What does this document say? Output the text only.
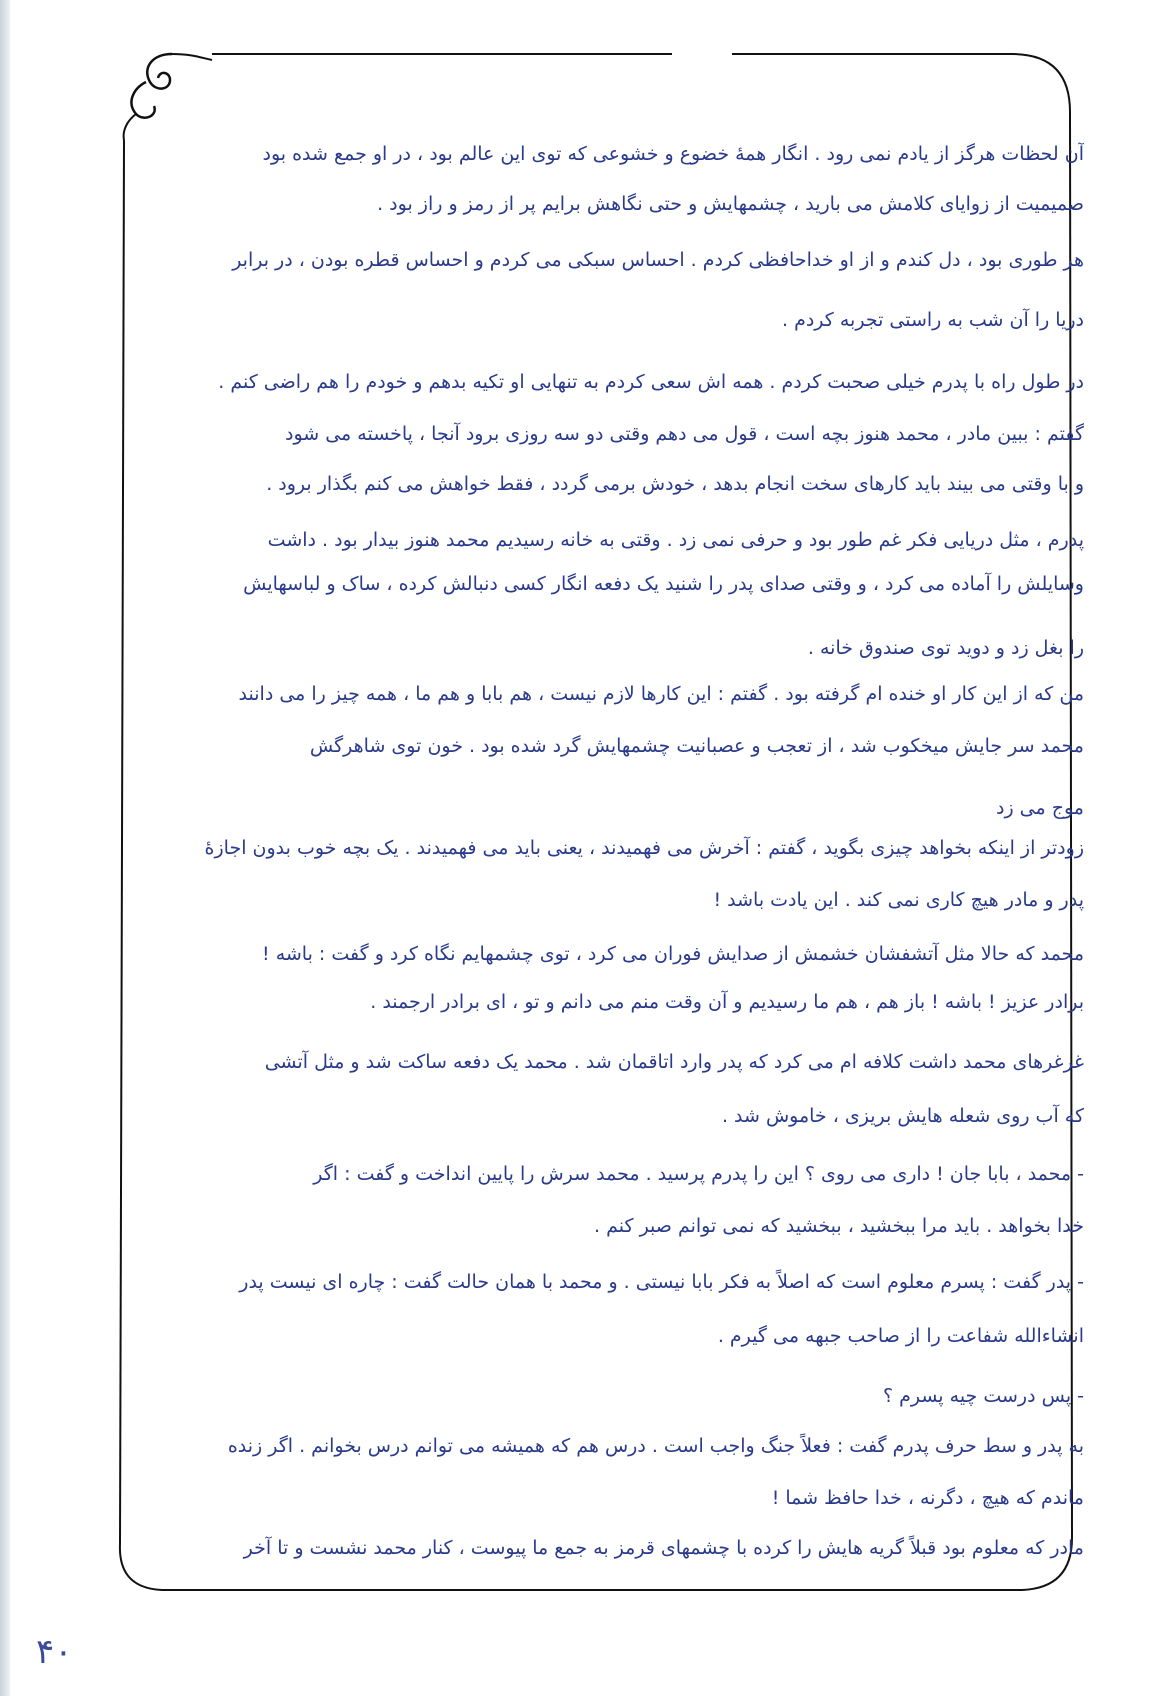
آن لحظات هرگز از یادم نمی رود . انگار همهٔ خضوع و خشوعی که توی این عالم بود ، در او جمع شده بود
صمیمیت از زوایای کلامش می بارید ، چشمهایش و حتی نگاهش برایم پر از رمز و راز بود .
هر طوری بود ، دل کندم و از او خداحافظی کردم . احساس سبکی می کردم و احساس قطره بودن ، در برابر
دریا را آن شب به راستی تجربه کردم .
در طول راه با پدرم خیلی صحبت کردم . همه اش سعی کردم به تنهایی او تکیه بدهم و خودم را هم راضی کنم .
گفتم : ببین مادر ، محمد هنوز بچه است ، قول می دهم وقتی دو سه روزی برود آنجا ، پاخسته می شود
و با وقتی می بیند باید کارهای سخت انجام بدهد ، خودش برمی گردد ، فقط خواهش می کنم بگذار برود .
پدرم ، مثل دریایی فکر غم طور بود و حرفی نمی زد . وقتی به خانه رسیدیم محمد هنوز بیدار بود . داشت
وسایلش را آماده می کرد ، و وقتی صدای پدر را شنید یک دفعه انگار کسی دنبالش کرده ، ساک و لباسهایش
را بغل زد و دوید توی صندوق خانه .
من که از این کار او خنده ام گرفته بود . گفتم : این کارها لازم نیست ، هم بابا و هم ما ، همه چیز را می دانند
محمد سر جایش میخکوب شد ، از تعجب و عصبانیت چشمهایش گرد شده بود . خون توی شاهرگش
موج می زد
زودتر از اینکه بخواهد چیزی بگوید ، گفتم : آخرش می فهمیدند ، یعنی باید می فهمیدند . یک بچه خوب بدون اجازهٔ
پدر و مادر هیچ کاری نمی کند . این یادت باشد !
محمد که حالا مثل آتشفشان خشمش از صدایش فوران می کرد ، توی چشمهایم نگاه کرد و گفت : باشه !
برادر عزیز ! باشه ! باز هم ، هم ما رسیدیم و آن وقت منم می دانم و تو ، ای برادر ارجمند .
غرغرهای محمد داشت کلافه ام می کرد که پدر وارد اتاقمان شد . محمد یک دفعه ساکت شد و مثل آتشی
که آب روی شعله هایش بریزی ، خاموش شد .
- محمد ، بابا جان ! داری می روی ؟ این را پدرم پرسید . محمد سرش را پایین انداخت و گفت : اگر
خدا بخواهد . باید مرا ببخشید ، ببخشید که نمی توانم صبر کنم .
- پدر گفت : پسرم معلوم است که اصلاً به فکر بابا نیستی . و محمد با همان حالت گفت : چاره ای نیست پدر
انشاءالله شفاعت را از صاحب جبهه می گیرم .
- پس درست چیه پسرم ؟
به پدر و سط حرف پدرم گفت : فعلاً جنگ واجب است . درس هم که همیشه می توانم درس بخوانم . اگر زنده
ماندم که هیچ ، دگرنه ، خدا حافظ شما !
مادر که معلوم بود قبلاً گریه هایش را کرده با چشمهای قرمز به جمع ما پیوست ، کنار محمد نشست و تا آخر
۴۰
